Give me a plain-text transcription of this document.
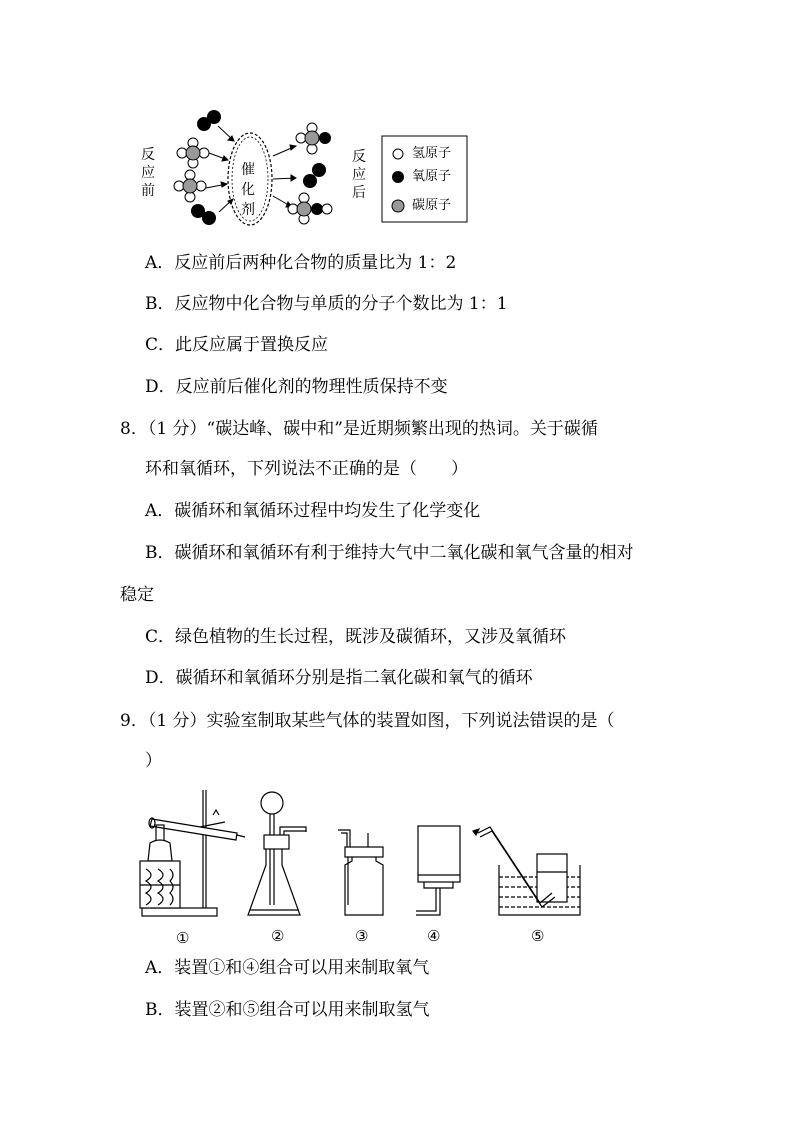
反应前
反应后
催化剂
氢原子
氧原子
碳原子
A．反应前后两种化合物的质量比为 1：2
B．反应物中化合物与单质的分子个数比为 1：1
C．此反应属于置换反应
D．反应前后催化剂的物理性质保持不变
8．（1 分）“碳达峰、碳中和”是近期频繁出现的热词。关于碳循
环和氧循环，下列说法不正确的是（　　）
A．碳循环和氧循环过程中均发生了化学变化
B．碳循环和氧循环有利于维持大气中二氧化碳和氧气含量的相对
稳定
C．绿色植物的生长过程，既涉及碳循环，又涉及氧循环
D．碳循环和氧循环分别是指二氧化碳和氧气的循环
9．（1 分）实验室制取某些气体的装置如图，下列说法错误的是（
）
①	②	③	④	⑤
A．装置①和④组合可以用来制取氧气
B．装置②和⑤组合可以用来制取氢气
